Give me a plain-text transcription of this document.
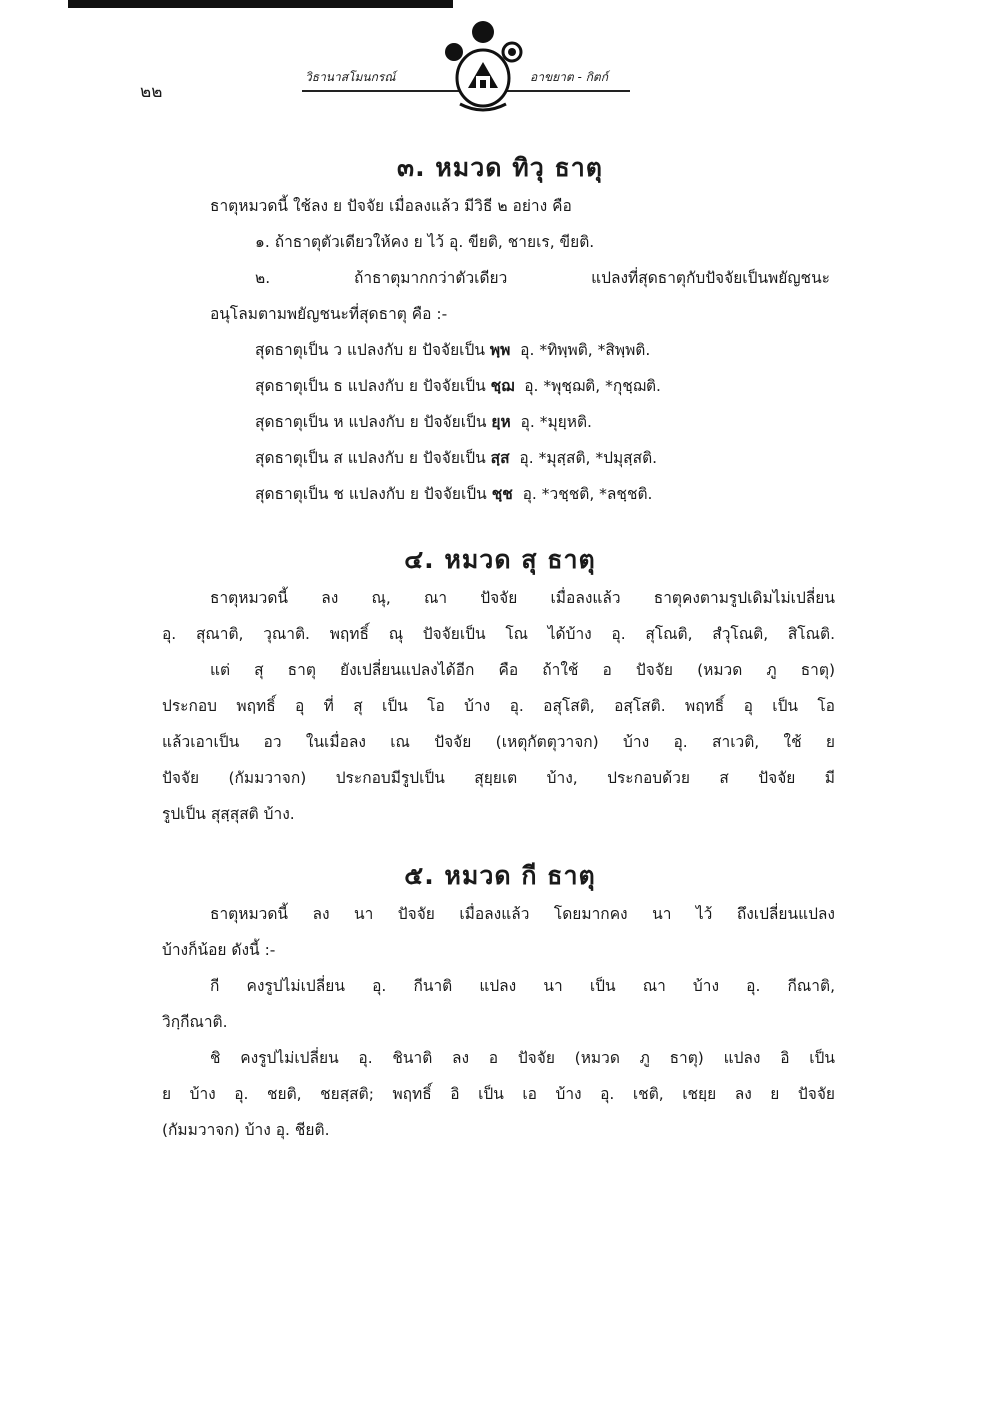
๒๒
วิธานาสโมนกรณ์	อาขยาต - กิตก์
๓. หมวด ทิวุ ธาตุ
ธาตุหมวดนี้ ใช้ลง ย ปัจจัย เมื่อลงแล้ว มีวิธี ๒ อย่าง คือ
๑. ถ้าธาตุตัวเดียวให้คง ย ไว้ อุ. ขียติ, ชายเร, ขียติ.
๒. ถ้าธาตุมากกว่าตัวเดียว แปลงที่สุดธาตุกับปัจจัยเป็นพยัญชนะ
อนุโลมตามพยัญชนะที่สุดธาตุ คือ :-
สุดธาตุเป็น ว แปลงกับ ย ปัจจัยเป็น พฺพ อุ. *ทิพฺพติ, *สิพฺพติ.
สุดธาตุเป็น ธ แปลงกับ ย ปัจจัยเป็น ชฺฌ อุ. *พุชฺฌติ, *กุชฺฌติ.
สุดธาตุเป็น ห แปลงกับ ย ปัจจัยเป็น ยฺห อุ. *มุยฺหติ.
สุดธาตุเป็น ส แปลงกับ ย ปัจจัยเป็น สฺส อุ. *มุสฺสติ, *ปมุสฺสติ.
สุดธาตุเป็น ช แปลงกับ ย ปัจจัยเป็น ชฺช อุ. *วชฺชติ, *ลชฺชติ.
๔. หมวด สุ ธาตุ
ธาตุหมวดนี้ ลง ณุ, ณา ปัจจัย เมื่อลงแล้ว ธาตุคงตามรูปเดิมไม่เปลี่ยน
อุ. สุณาติ, วุณาติ. พฤทธิ์ ณุ ปัจจัยเป็น โณ ได้บ้าง อุ. สุโณติ, สํวุโณติ, สิโณติ.
แต่ สุ ธาตุ ยังเปลี่ยนแปลงได้อีก คือ ถ้าใช้ อ ปัจจัย (หมวด ภู ธาตุ)
ประกอบ พฤทธิ์ อุ ที่ สุ เป็น โอ บ้าง อุ. อสุโสติ, อสฺโสติ. พฤทธิ์ อุ เป็น โอ
แล้วเอาเป็น อว ในเมื่อลง เณ ปัจจัย (เหตุกัตตุวาจก) บ้าง อุ. สาเวติ, ใช้ ย
ปัจจัย (กัมมวาจก) ประกอบมีรูปเป็น สุยฺยเต บ้าง, ประกอบด้วย ส ปัจจัย มี
รูปเป็น สุสฺสุสติ บ้าง.
๕. หมวด กี ธาตุ
ธาตุหมวดนี้ ลง นา ปัจจัย เมื่อลงแล้ว โดยมากคง นา ไว้ ถึงเปลี่ยนแปลง
บ้างก็น้อย ดังนี้ :-
กี คงรูปไม่เปลี่ยน อุ. กีนาติ แปลง นา เป็น ณา บ้าง อุ. กีณาติ,
วิกฺกีณาติ.
ชิ คงรูปไม่เปลี่ยน อุ. ชินาติ ลง อ ปัจจัย (หมวด ภู ธาตุ) แปลง อิ เป็น
ย บ้าง อุ. ชยติ, ชยสฺสติ; พฤทธิ์ อิ เป็น เอ บ้าง อุ. เชติ, เชยฺย ลง ย ปัจจัย
(กัมมวาจก) บ้าง อุ. ชียติ.
